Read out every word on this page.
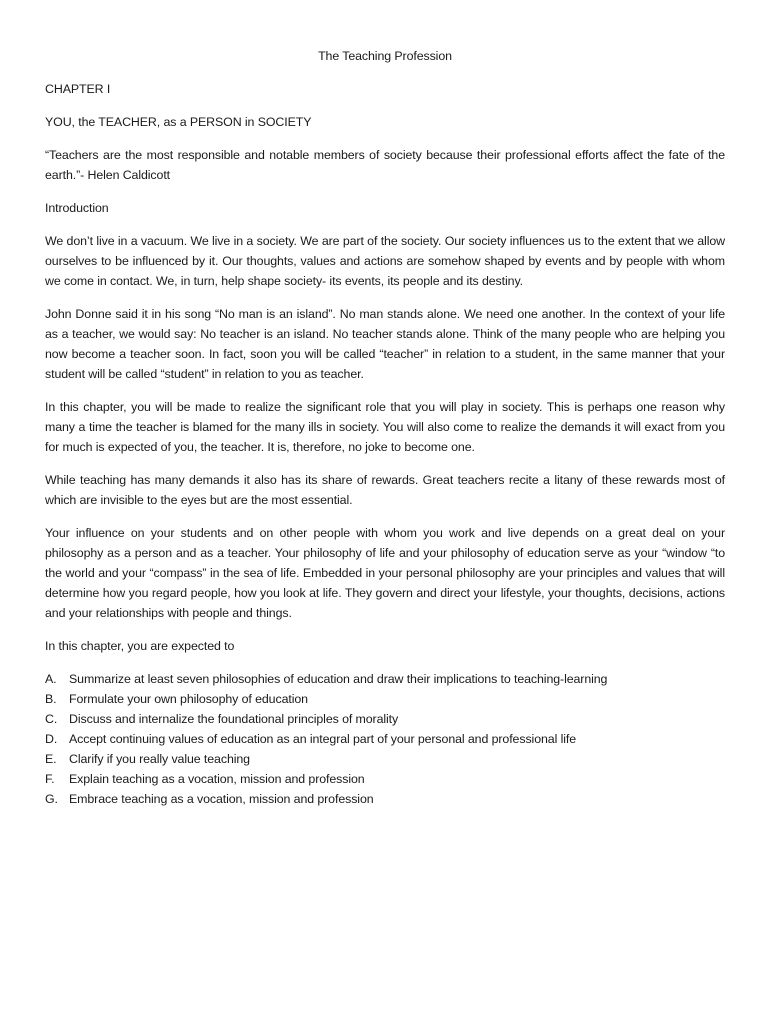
The Teaching Profession
CHAPTER I
YOU, the TEACHER, as a PERSON in SOCIETY
“Teachers are the most responsible and notable members of society because their professional efforts affect the fate of the earth.”- Helen Caldicott
Introduction

We don’t live in a vacuum. We live in a society. We are part of the society. Our society influences us to the extent that we allow ourselves to be influenced by it. Our thoughts, values and actions are somehow shaped by events and by people with whom we come in contact. We, in turn, help shape society- its events, its people and its destiny.

John Donne said it in his song “No man is an island”. No man stands alone. We need one another. In the context of your life as a teacher, we would say: No teacher is an island. No teacher stands alone. Think of the many people who are helping you now become a teacher soon. In fact, soon you will be called “teacher” in relation to a student, in the same manner that your student will be called “student” in relation to you as teacher.

In this chapter, you will be made to realize the significant role that you will play in society. This is perhaps one reason why many a time the teacher is blamed for the many ills in society. You will also come to realize the demands it will exact from you for much is expected of you, the teacher. It is, therefore, no joke to become one.

While teaching has many demands it also has its share of rewards. Great teachers recite a litany of these rewards most of which are invisible to the eyes but are the most essential.

Your influence on your students and on other people with whom you work and live depends on a great deal on your philosophy as a person and as a teacher. Your philosophy of life and your philosophy of education serve as your “window “to the world and your “compass” in the sea of life. Embedded in your personal philosophy are your principles and values that will determine how you regard people, how you look at life. They govern and direct your lifestyle, your thoughts, decisions, actions and your relationships with people and things.

In this chapter, you are expected to
A.	Summarize at least seven philosophies of education and draw their implications to teaching-learning
B.	Formulate your own philosophy of education
C. Discuss and internalize the foundational principles of morality
D. Accept continuing values of education as an integral part of your personal and professional life
E.	Clarify if you really value teaching
F.	Explain teaching as a vocation, mission and profession
G. Embrace teaching as a vocation, mission and profession
